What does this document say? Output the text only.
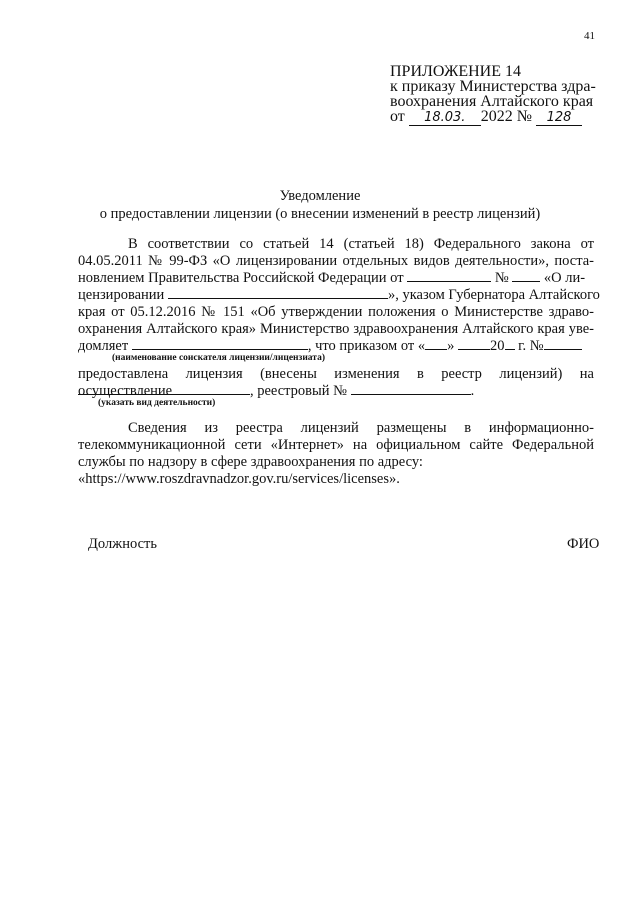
41
ПРИЛОЖЕНИЕ 14
к приказу Министерства здра-
воохранения Алтайского края
от 18.03. 2022 № 128
Уведомление
о предоставлении лицензии (о внесении изменений в реестр лицензий)
В соответствии со статьей 14 (статьей 18) Федерального закона от
04.05.2011 № 99-ФЗ «О лицензировании отдельных видов деятельности», поста-
новлением Правительства Российской Федерации от	№ «О ли-
цензировании	», указом Губернатора Алтайского
края от 05.12.2016 № 151 «Об утверждении положения о Министерстве здраво-
охранения Алтайского края» Министерство здравоохранения Алтайского края уве-
домляет	, что приказом от « » 20 г. №
(наименование соискателя лицензии/лицензиата)
предоставлена лицензия (внесены изменения в реестр лицензий) на осуществление	, реестровый №	.
(указать вид деятельности)
Сведения из реестра лицензий размещены в информационно-
телекоммуникационной сети «Интернет» на официальном сайте Федеральной
службы по надзору в сфере здравоохранения по адресу:
«https://www.roszdravnadzor.gov.ru/services/licenses».
Должность	ФИО
